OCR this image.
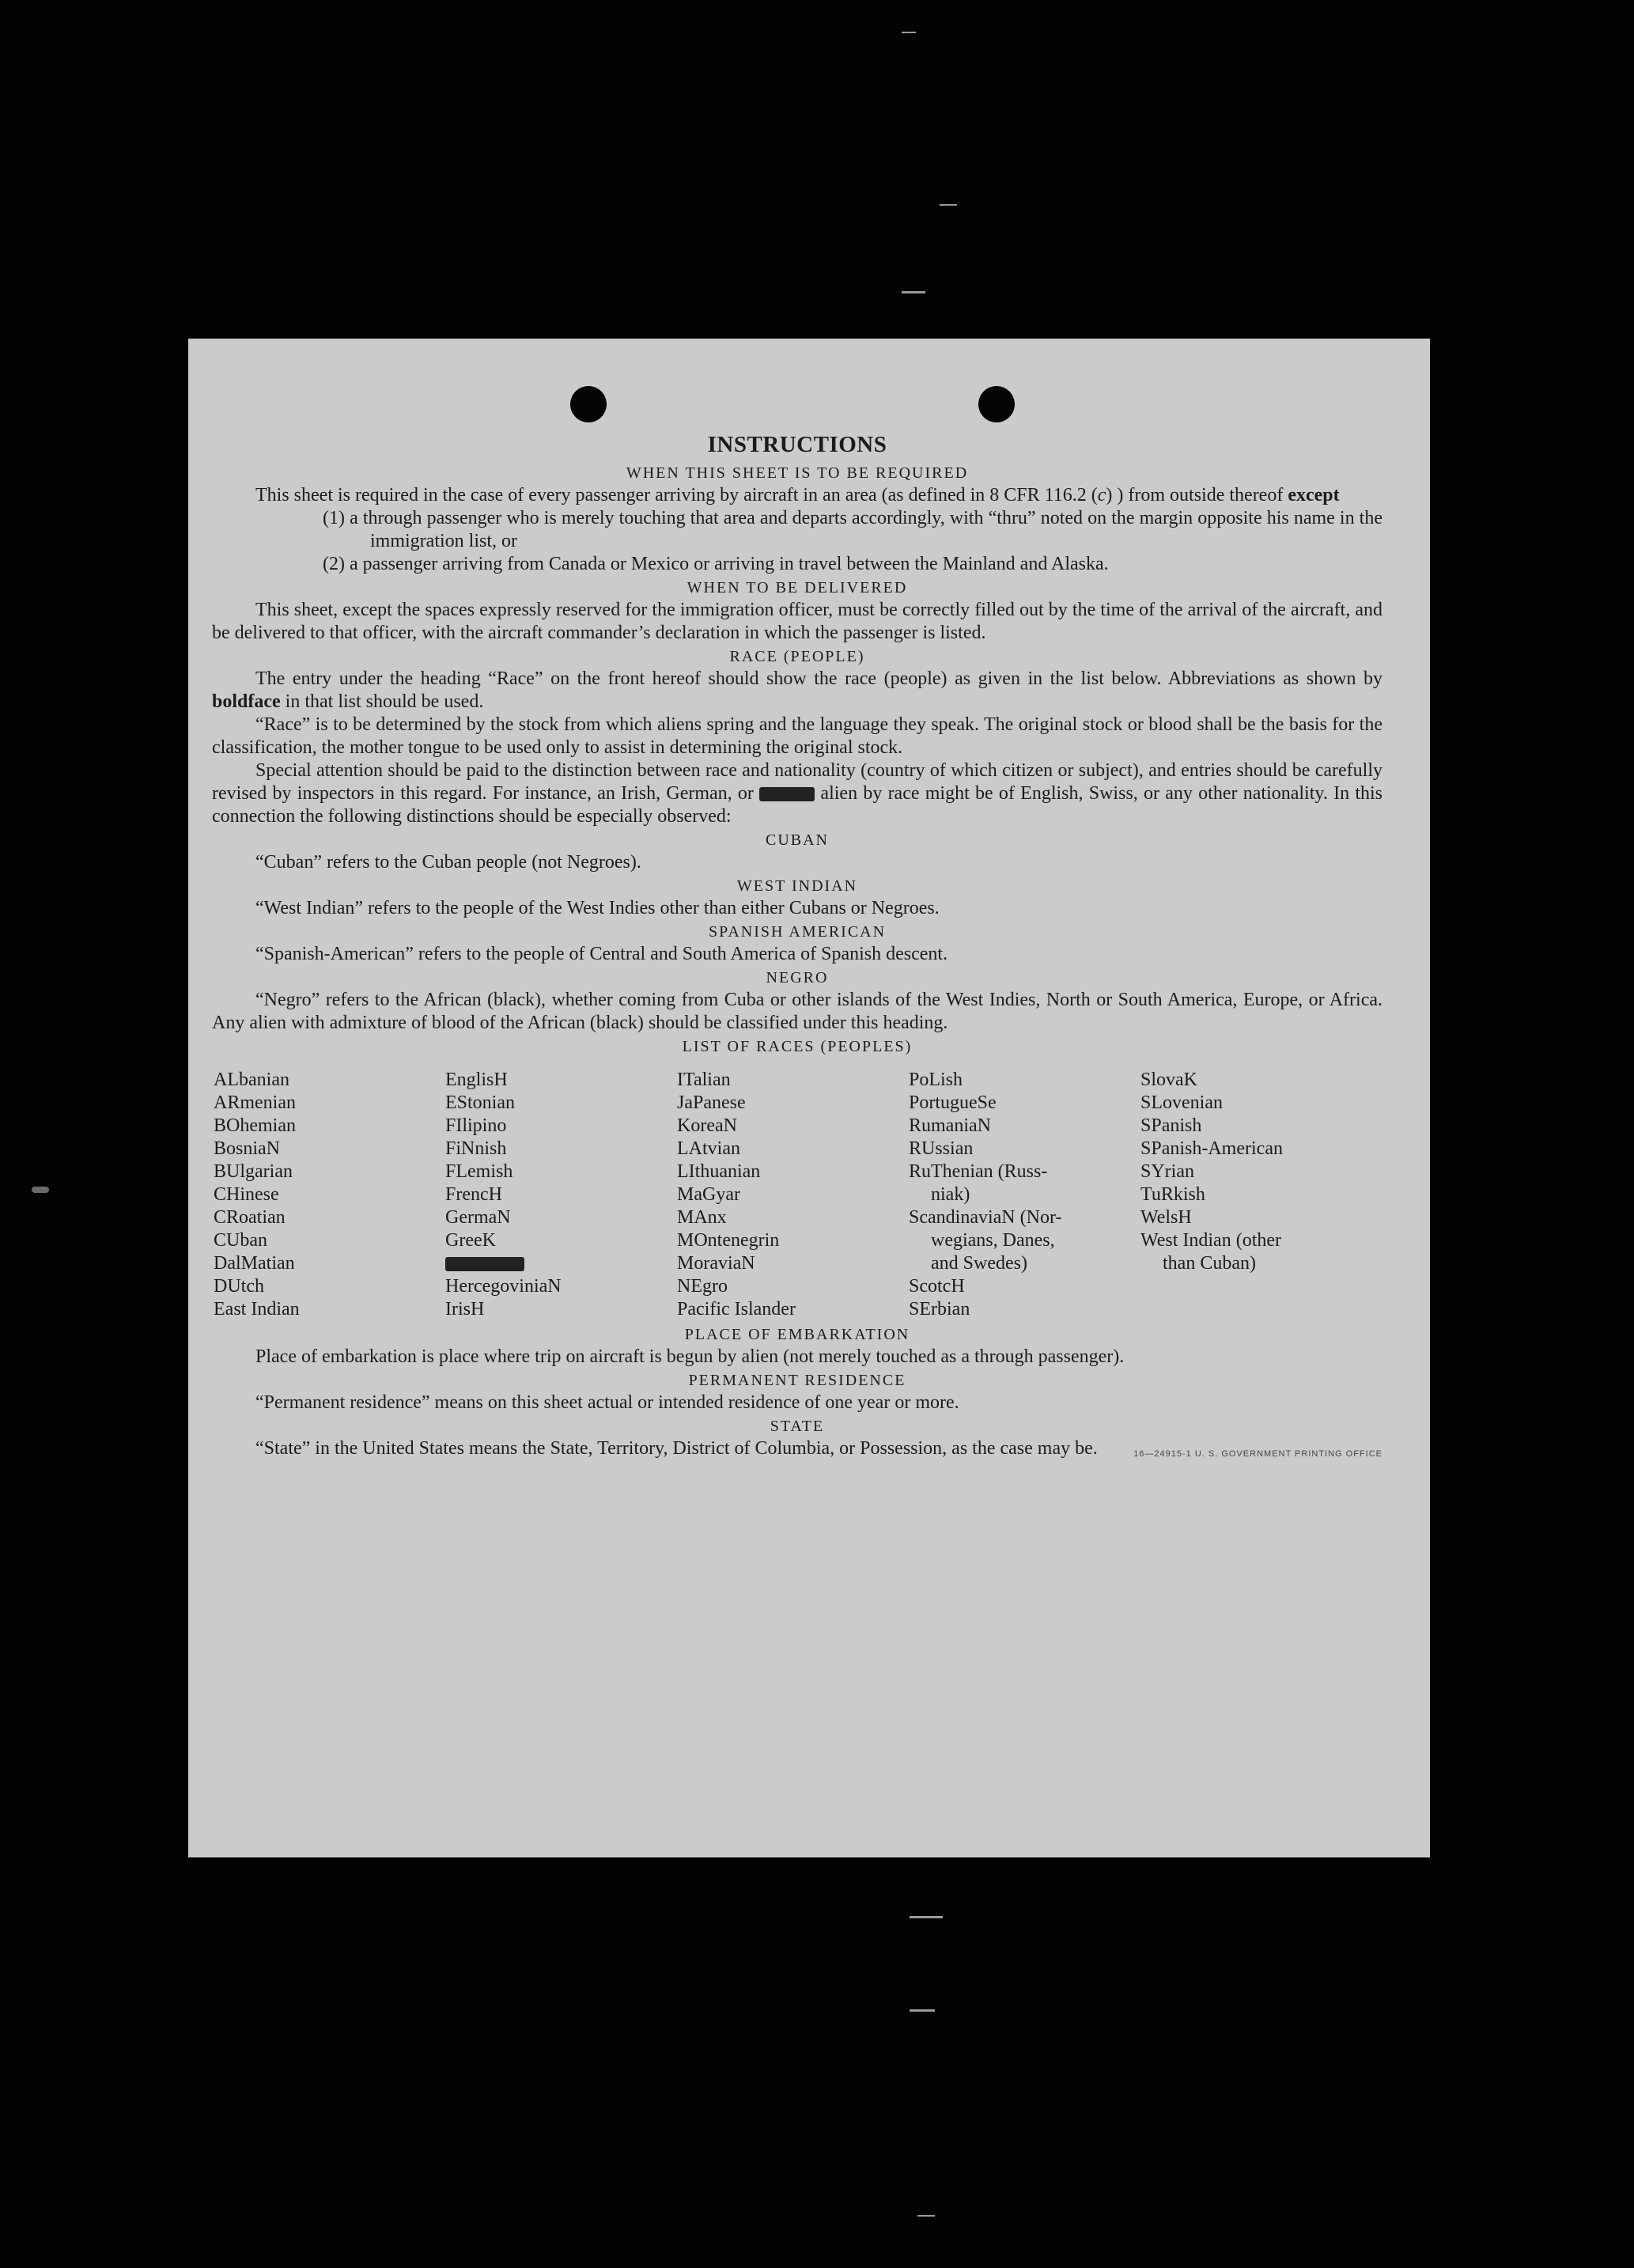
INSTRUCTIONS
WHEN THIS SHEET IS TO BE REQUIRED

This sheet is required in the case of every passenger arriving by aircraft in an area (as defined in 8 CFR 116.2 (c) ) from outside thereof except

(1) a through passenger who is merely touching that area and departs accordingly, with “thru” noted on the margin opposite his name in the immigration list, or

(2) a passenger arriving from Canada or Mexico or arriving in travel between the Mainland and Alaska.

WHEN TO BE DELIVERED

This sheet, except the spaces expressly reserved for the immigration officer, must be correctly filled out by the time of the arrival of the aircraft, and be delivered to that officer, with the aircraft commander’s declaration in which the passenger is listed.

RACE (PEOPLE)

The entry under the heading “Race” on the front hereof should show the race (people) as given in the list below. Abbreviations as shown by boldface in that list should be used.

“Race” is to be determined by the stock from which aliens spring and the language they speak. The original stock or blood shall be the basis for the classification, the mother tongue to be used only to assist in determining the original stock.

Special attention should be paid to the distinction between race and nationality (country of which citizen or subject), and entries should be carefully revised by inspectors in this regard. For instance, an Irish, German, or	alien by race might be of English, Swiss, or any other nationality. In this connection the following distinctions should be especially observed:

CUBAN

“Cuban” refers to the Cuban people (not Negroes).

WEST INDIAN

“West Indian” refers to the people of the West Indies other than either Cubans or Negroes.

SPANISH AMERICAN

“Spanish-American” refers to the people of Central and South America of Spanish descent.

NEGRO

“Negro” refers to the African (black), whether coming from Cuba or other islands of the West Indies, North or South America, Europe, or Africa. Any alien with admixture of blood of the African (black) should be classified under this heading.

LIST OF RACES (PEOPLES)
ALbanian
ARmenian
BOhemian
BosniaN
BUlgarian
CHinese
CRoatian
CUban
DalMatian
DUtch
East Indian
EnglisH
EStonian
FIlipino
FiNnish
FLemish
FrencH
GermaN
GreeK
HercegoviniaN
IrisH
ITalian
JaPanese
KoreaN
LAtvian
LIthuanian
MaGyar
MAnx
MOntenegrin
MoraviaN
NEgro
Pacific Islander
PoLish
PortugueSe
RumaniaN
RUssian
RuThenian (Russ-
niak)
ScandinaviaN (Nor-
wegians, Danes,
and Swedes)
ScotcH
SErbian
SlovaK
SLovenian
SPanish
SPanish-American
SYrian
TuRkish
WelsH
West Indian (other
than Cuban)
PLACE OF EMBARKATION

Place of embarkation is place where trip on aircraft is begun by alien (not merely touched as a through passenger).

PERMANENT RESIDENCE

“Permanent residence” means on this sheet actual or intended residence of one year or more.

STATE

“State” in the United States means the State, Territory, District of Columbia, or Possession, as the case may be.	16—24915-1 U. S. GOVERNMENT PRINTING OFFICE
